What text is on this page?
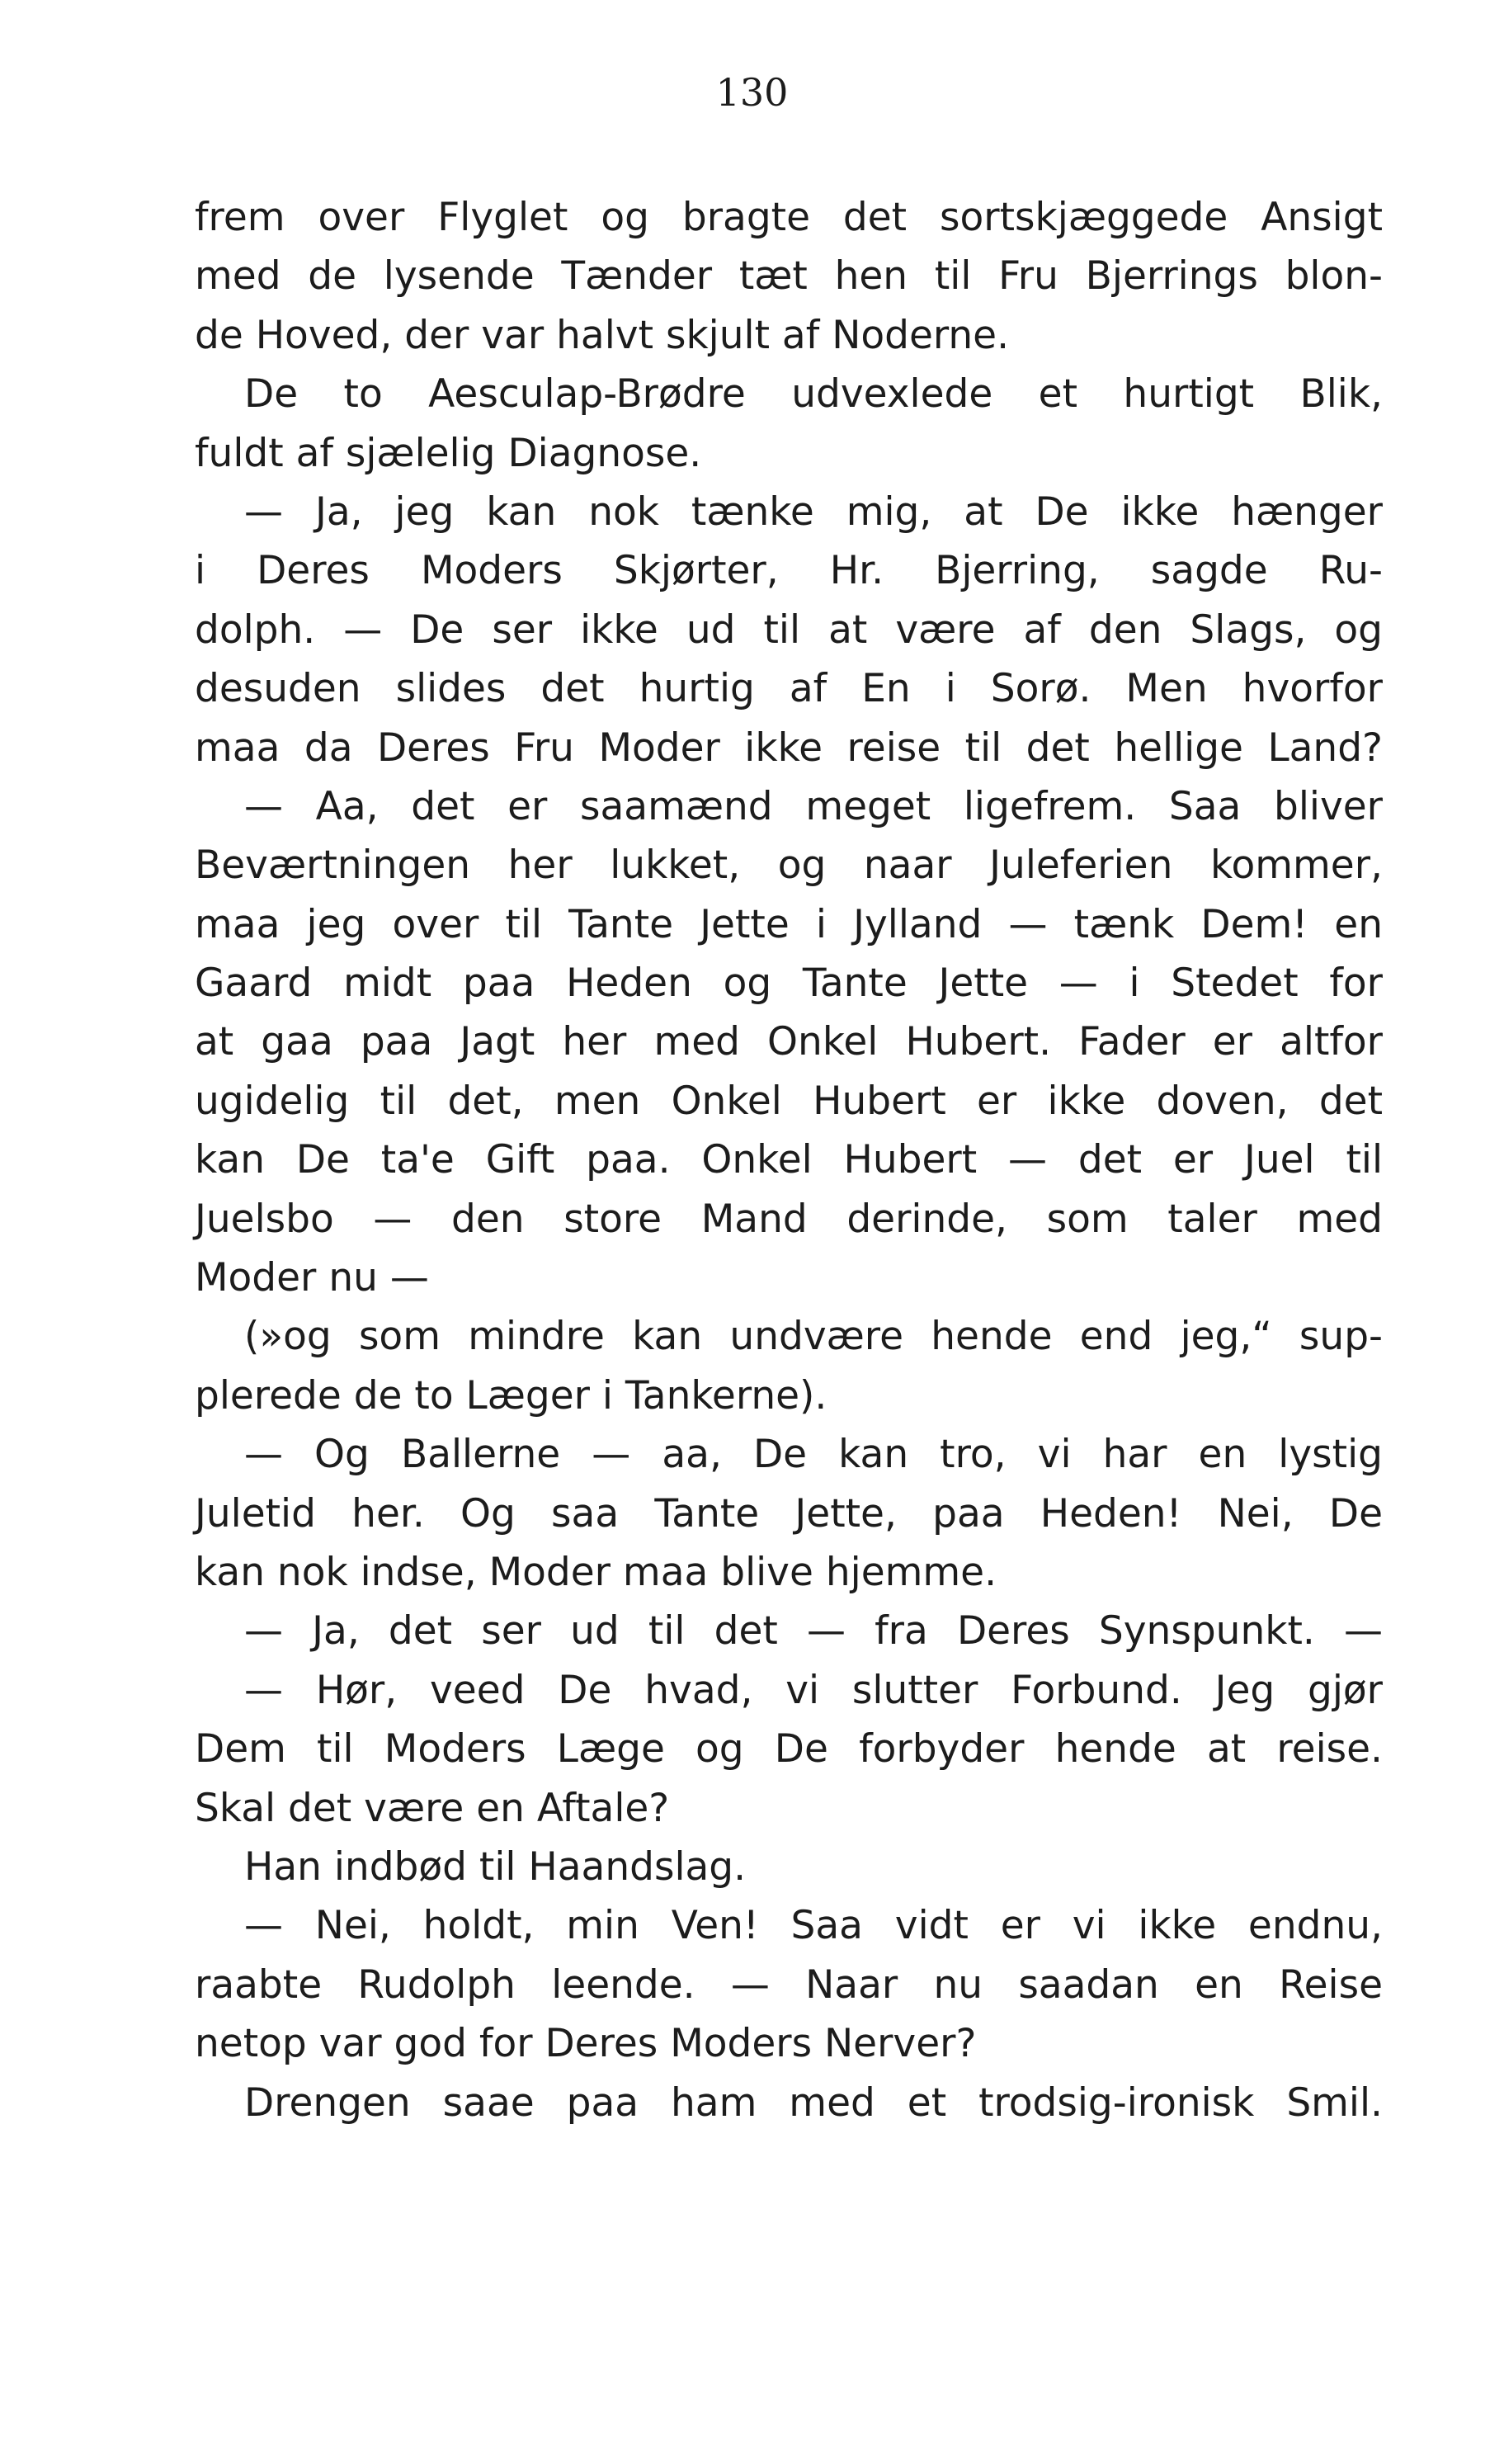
130
frem over Flyglet og bragte det sortskjæggede Ansigt
med de lysende Tænder tæt hen til Fru Bjerrings blon-
de Hoved, der var halvt skjult af Noderne.
De to Aesculap-Brødre udvexlede et hurtigt Blik,
fuldt af sjælelig Diagnose.
— Ja, jeg kan nok tænke mig, at De ikke hænger
i Deres Moders Skjørter, Hr. Bjerring, sagde Ru-
dolph. — De ser ikke ud til at være af den Slags, og
desuden slides det hurtig af En i Sorø. Men hvorfor
maa da Deres Fru Moder ikke reise til det hellige Land?
— Aa, det er saamænd meget ligefrem. Saa bliver
Beværtningen her lukket, og naar Juleferien kommer,
maa jeg over til Tante Jette i Jylland — tænk Dem! en
Gaard midt paa Heden og Tante Jette — i Stedet for
at gaa paa Jagt her med Onkel Hubert. Fader er altfor
ugidelig til det, men Onkel Hubert er ikke doven, det
kan De ta'e Gift paa. Onkel Hubert — det er Juel til
Juelsbo — den store Mand derinde, som taler med
Moder nu —
(»og som mindre kan undvære hende end jeg,“ sup-
plerede de to Læger i Tankerne).
— Og Ballerne — aa, De kan tro, vi har en lystig
Juletid her. Og saa Tante Jette, paa Heden! Nei, De
kan nok indse, Moder maa blive hjemme.
— Ja, det ser ud til det — fra Deres Synspunkt. —
— Hør, veed De hvad, vi slutter Forbund. Jeg gjør
Dem til Moders Læge og De forbyder hende at reise.
Skal det være en Aftale?
Han indbød til Haandslag.
— Nei, holdt, min Ven! Saa vidt er vi ikke endnu,
raabte Rudolph leende. — Naar nu saadan en Reise
netop var god for Deres Moders Nerver?
Drengen saae paa ham med et trodsig-ironisk Smil.
